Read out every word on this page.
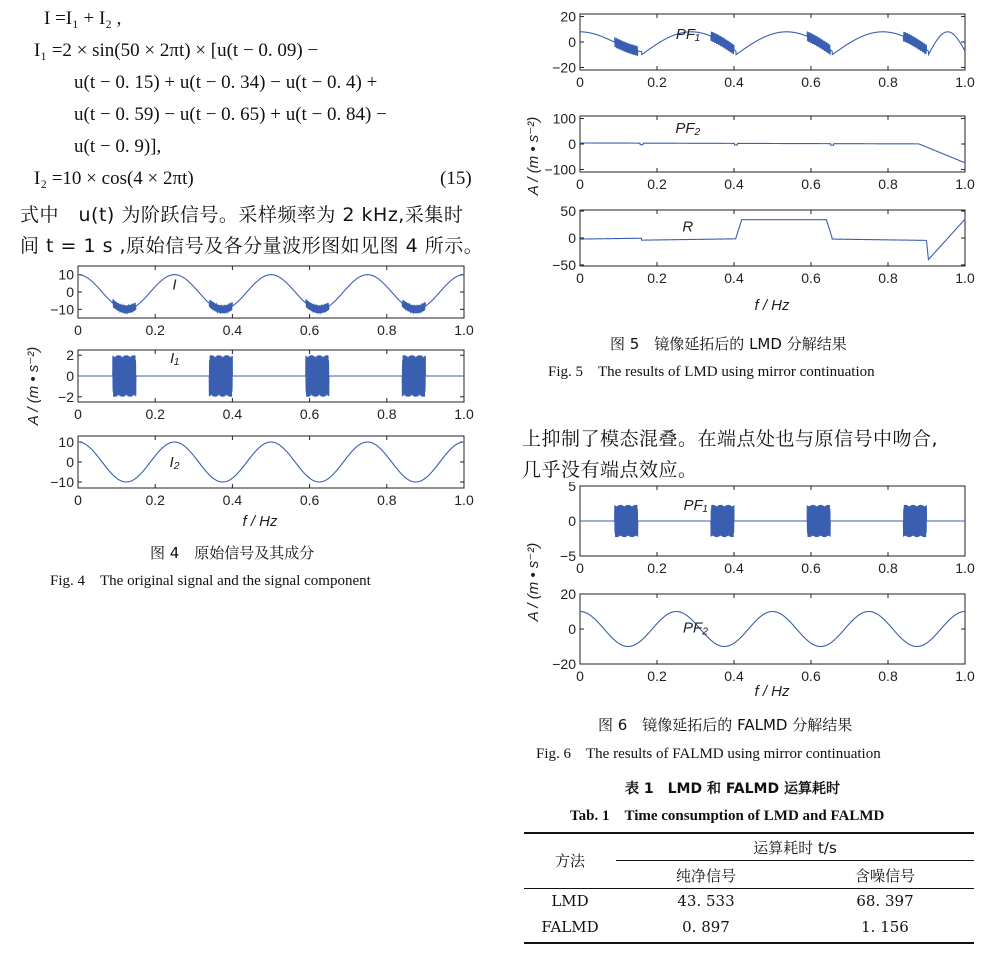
I =I₁ + I₂ ,
I₁ =2 × sin(50 × 2πt) × [u(t − 0. 09) −
u(t − 0. 15) + u(t − 0. 34) − u(t − 0. 4) +
u(t − 0. 59) − u(t − 0. 65) + u(t − 0. 84) −
u(t − 0. 9)],
I₂ =10 × cos(4 × 2πt)	(15)
式中　u(t) 为阶跃信号。采样频率为 2 kHz,采集时
间 t = 1 s ,原始信号及各分量波形图如见图 4 所示。
10
0
−10
0	0.2	0.4	0.6	0.8	1.0
I
2
0
−2
0	0.2	0.4	0.6	0.8	1.0
I₁
10
0
−10
0	0.2	0.4	0.6	0.8	1.0
I₂
f / Hz
A / (m • s⁻²)
图 4　原始信号及其成分
Fig. 4　The original signal and the signal component
20
0
−20
0	0.2	0.4	0.6	0.8	1.0
PF₁
100
0
−100
0	0.2	0.4	0.6	0.8	1.0
PF₂
50
0
−50
0	0.2	0.4	0.6	0.8	1.0
R
f / Hz
A / (m • s⁻²)
图 5　镜像延拓后的 LMD 分解结果
Fig. 5　The results of LMD using mirror continuation
上抑制了模态混叠。在端点处也与原信号中吻合,
几乎没有端点效应。
5
0
−5
0	0.2	0.4	0.6	0.8	1.0
PF₁
20
0
−20
0	0.2	0.4	0.6	0.8	1.0
PF₂
f / Hz
A / (m • s⁻²)
图 6　镜像延拓后的 FALMD 分解结果
Fig. 6　The results of FALMD using mirror continuation
表 1　LMD 和 FALMD 运算耗时
Tab. 1　Time consumption of LMD and FALMD
方法
运算耗时 t/s
纯净信号	含噪信号
LMD	43. 533	68. 397
FALMD	0. 897	1. 156
